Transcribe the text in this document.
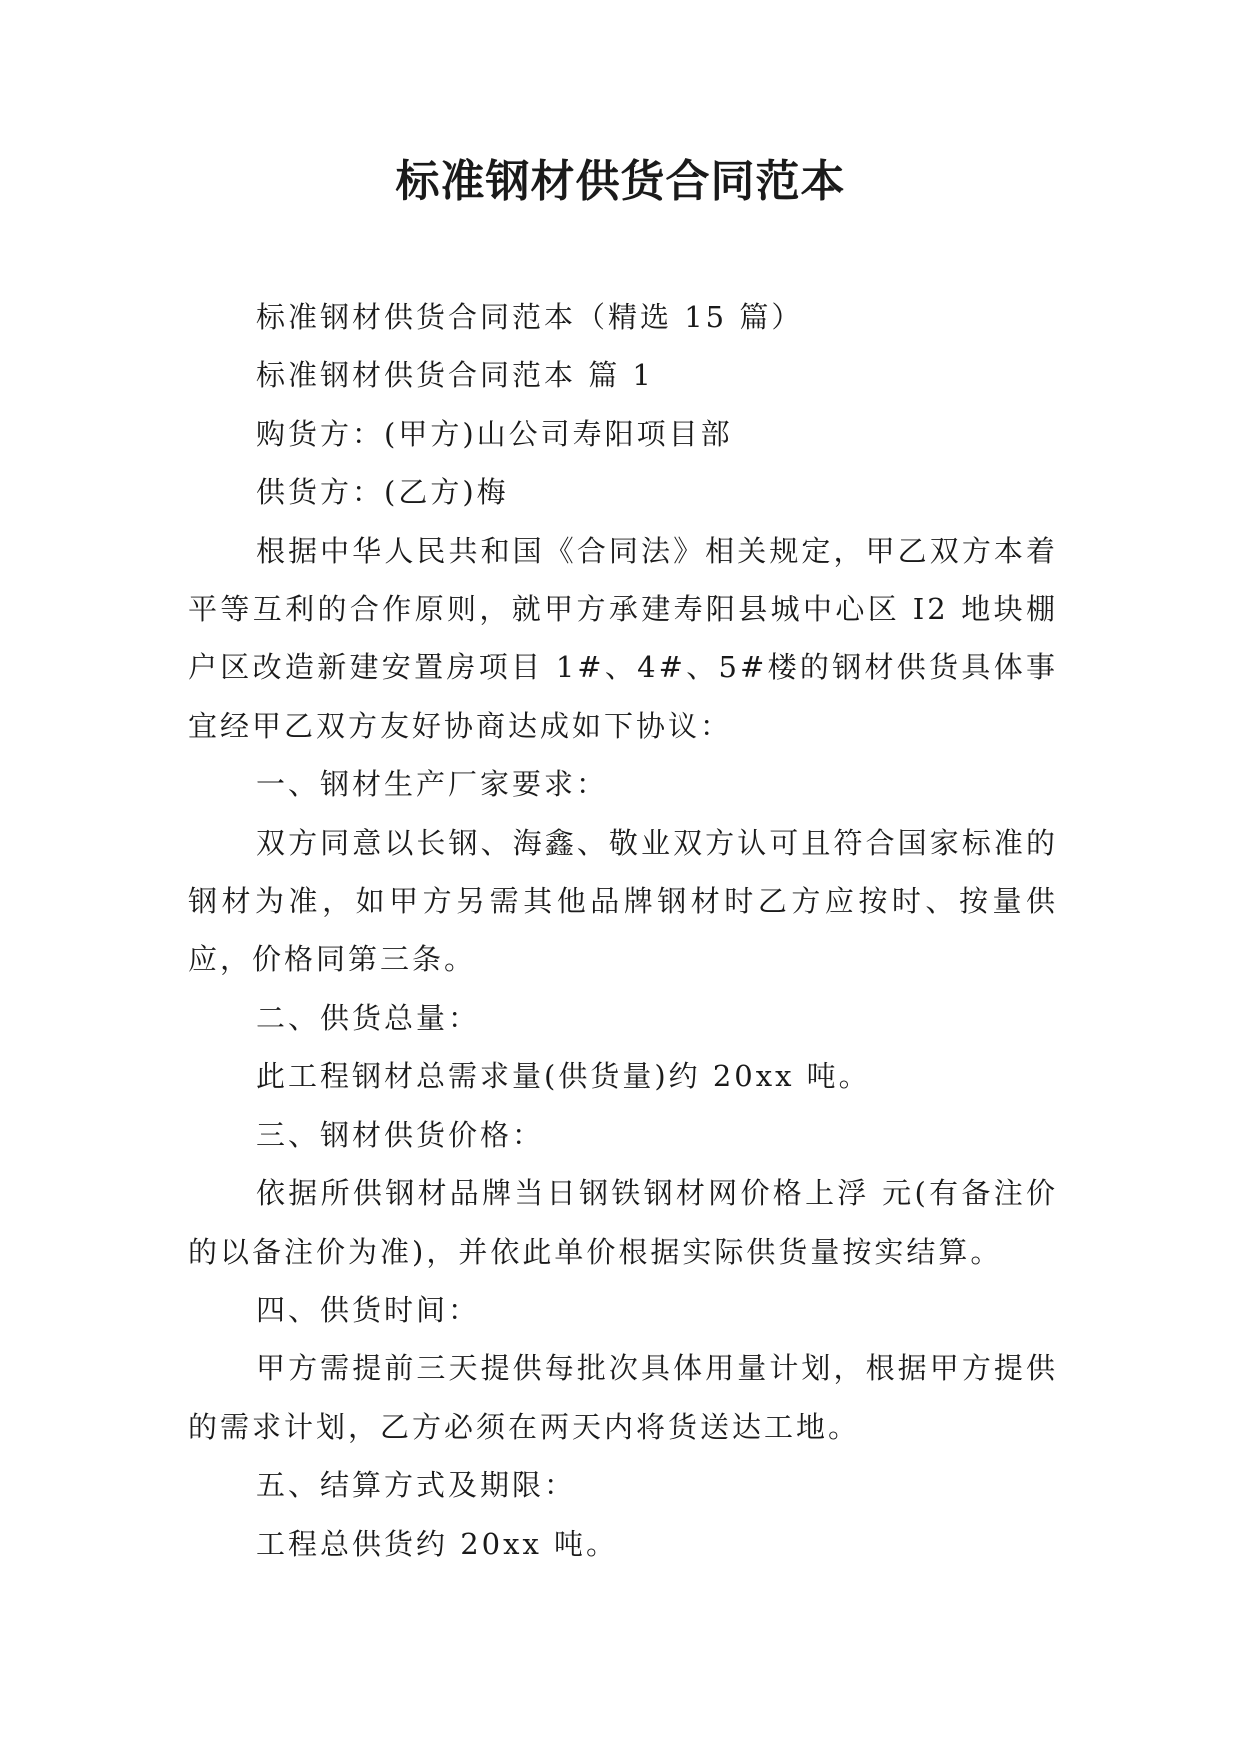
标准钢材供货合同范本

标准钢材供货合同范本（精选 15 篇）

标准钢材供货合同范本 篇 1

购货方：(甲方)山公司寿阳项目部

供货方：(乙方)梅

根据中华人民共和国《合同法》相关规定，甲乙双方本着平等互利的合作原则，就甲方承建寿阳县城中心区 I2 地块棚户区改造新建安置房项目 1#、4#、5#楼的钢材供货具体事宜经甲乙双方友好协商达成如下协议：

一、钢材生产厂家要求：

双方同意以长钢、海鑫、敬业双方认可且符合国家标准的钢材为准，如甲方另需其他品牌钢材时乙方应按时、按量供应，价格同第三条。

二、供货总量：

此工程钢材总需求量(供货量)约 20xx 吨。

三、钢材供货价格：

依据所供钢材品牌当日钢铁钢材网价格上浮 元(有备注价的以备注价为准)，并依此单价根据实际供货量按实结算。

四、供货时间：

甲方需提前三天提供每批次具体用量计划，根据甲方提供的需求计划，乙方必须在两天内将货送达工地。

五、结算方式及期限：

工程总供货约 20xx 吨。
